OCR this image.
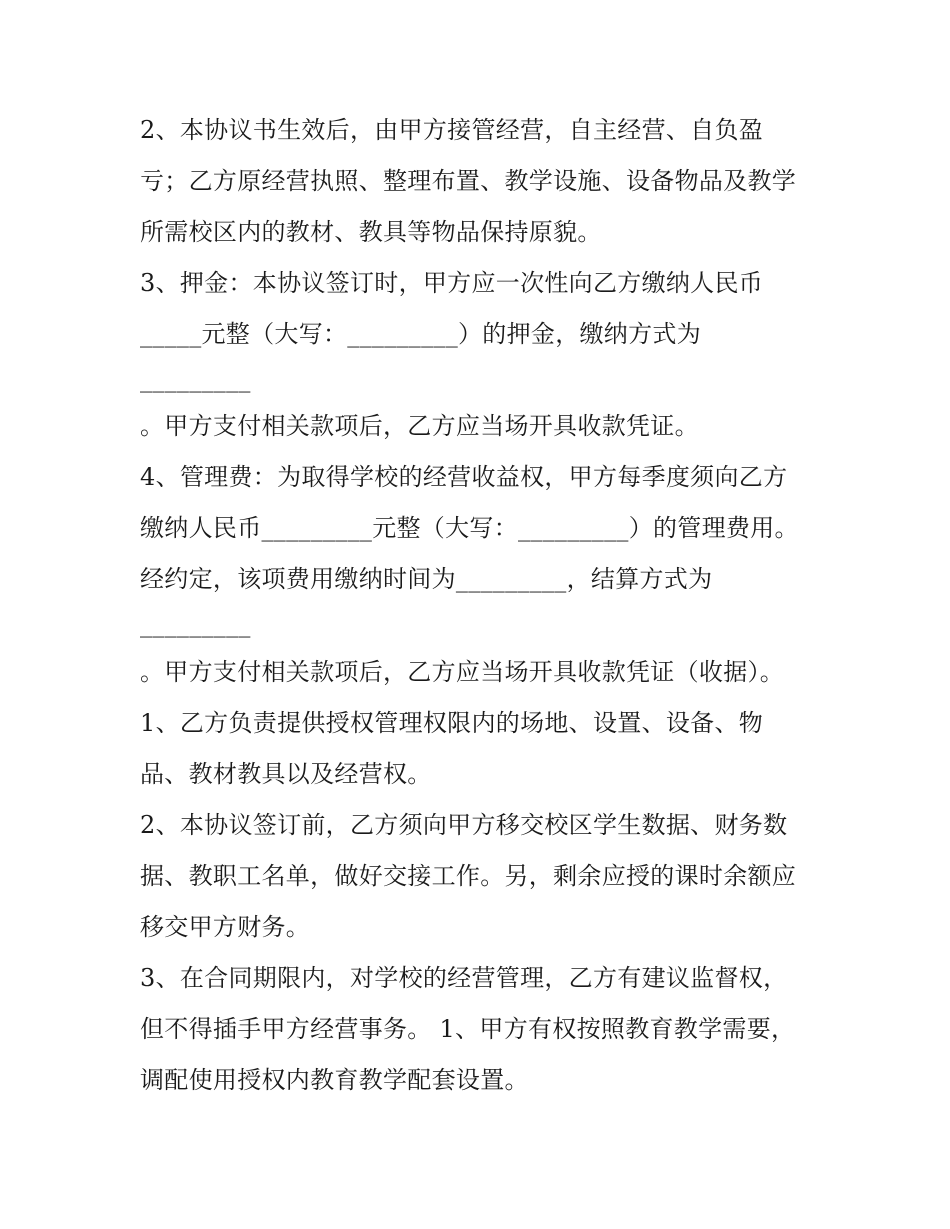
2、本协议书生效后，由甲方接管经营，自主经营、自负盈
亏；乙方原经营执照、整理布置、教学设施、设备物品及教学
所需校区内的教材、教具等物品保持原貌。
3、押金：本协议签订时，甲方应一次性向乙方缴纳人民币
_____元整（大写：_________）的押金，缴纳方式为
_________
。甲方支付相关款项后，乙方应当场开具收款凭证。
4、管理费：为取得学校的经营收益权，甲方每季度须向乙方
缴纳人民币_________元整（大写：_________）的管理费用。
经约定，该项费用缴纳时间为_________，结算方式为
_________
。甲方支付相关款项后，乙方应当场开具收款凭证（收据）。
1、乙方负责提供授权管理权限内的场地、设置、设备、物
品、教材教具以及经营权。
2、本协议签订前，乙方须向甲方移交校区学生数据、财务数
据、教职工名单，做好交接工作。另，剩余应授的课时余额应
移交甲方财务。
3、在合同期限内，对学校的经营管理，乙方有建议监督权，
但不得插手甲方经营事务。 1、甲方有权按照教育教学需要，
调配使用授权内教育教学配套设置。
